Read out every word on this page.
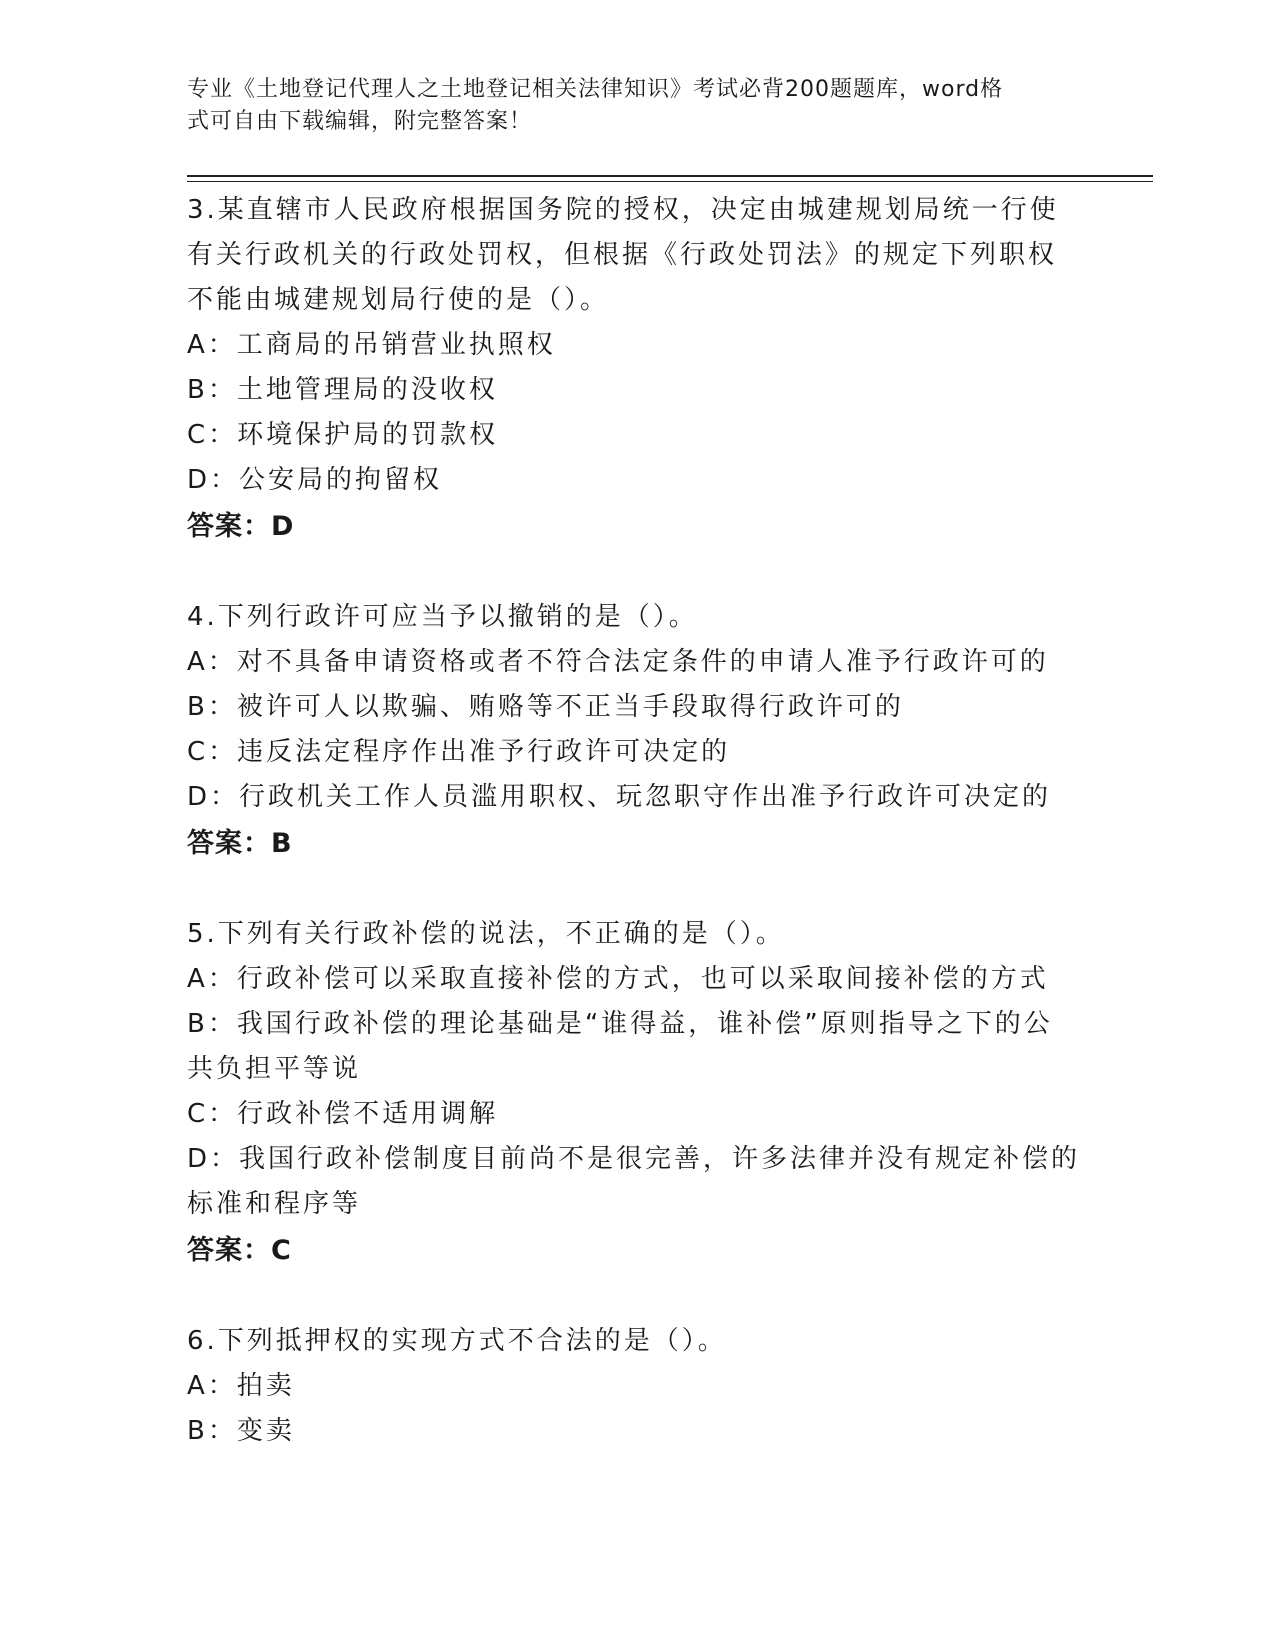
专业《土地登记代理人之土地登记相关法律知识》考试必背200题题库，word格
式可自由下载编辑，附完整答案！
3.某直辖市人民政府根据国务院的授权，决定由城建规划局统一行使
有关行政机关的行政处罚权，但根据《行政处罚法》的规定下列职权
不能由城建规划局行使的是（）。
A：工商局的吊销营业执照权
B：土地管理局的没收权
C：环境保护局的罚款权
D：公安局的拘留权
答案：D
4.下列行政许可应当予以撤销的是（）。
A：对不具备申请资格或者不符合法定条件的申请人准予行政许可的
B：被许可人以欺骗、贿赂等不正当手段取得行政许可的
C：违反法定程序作出准予行政许可决定的
D：行政机关工作人员滥用职权、玩忽职守作出准予行政许可决定的
答案：B
5.下列有关行政补偿的说法，不正确的是（）。
A：行政补偿可以采取直接补偿的方式，也可以采取间接补偿的方式
B：我国行政补偿的理论基础是“谁得益，谁补偿”原则指导之下的公
共负担平等说
C：行政补偿不适用调解
D：我国行政补偿制度目前尚不是很完善，许多法律并没有规定补偿的
标准和程序等
答案：C
6.下列抵押权的实现方式不合法的是（）。
A：拍卖
B：变卖
